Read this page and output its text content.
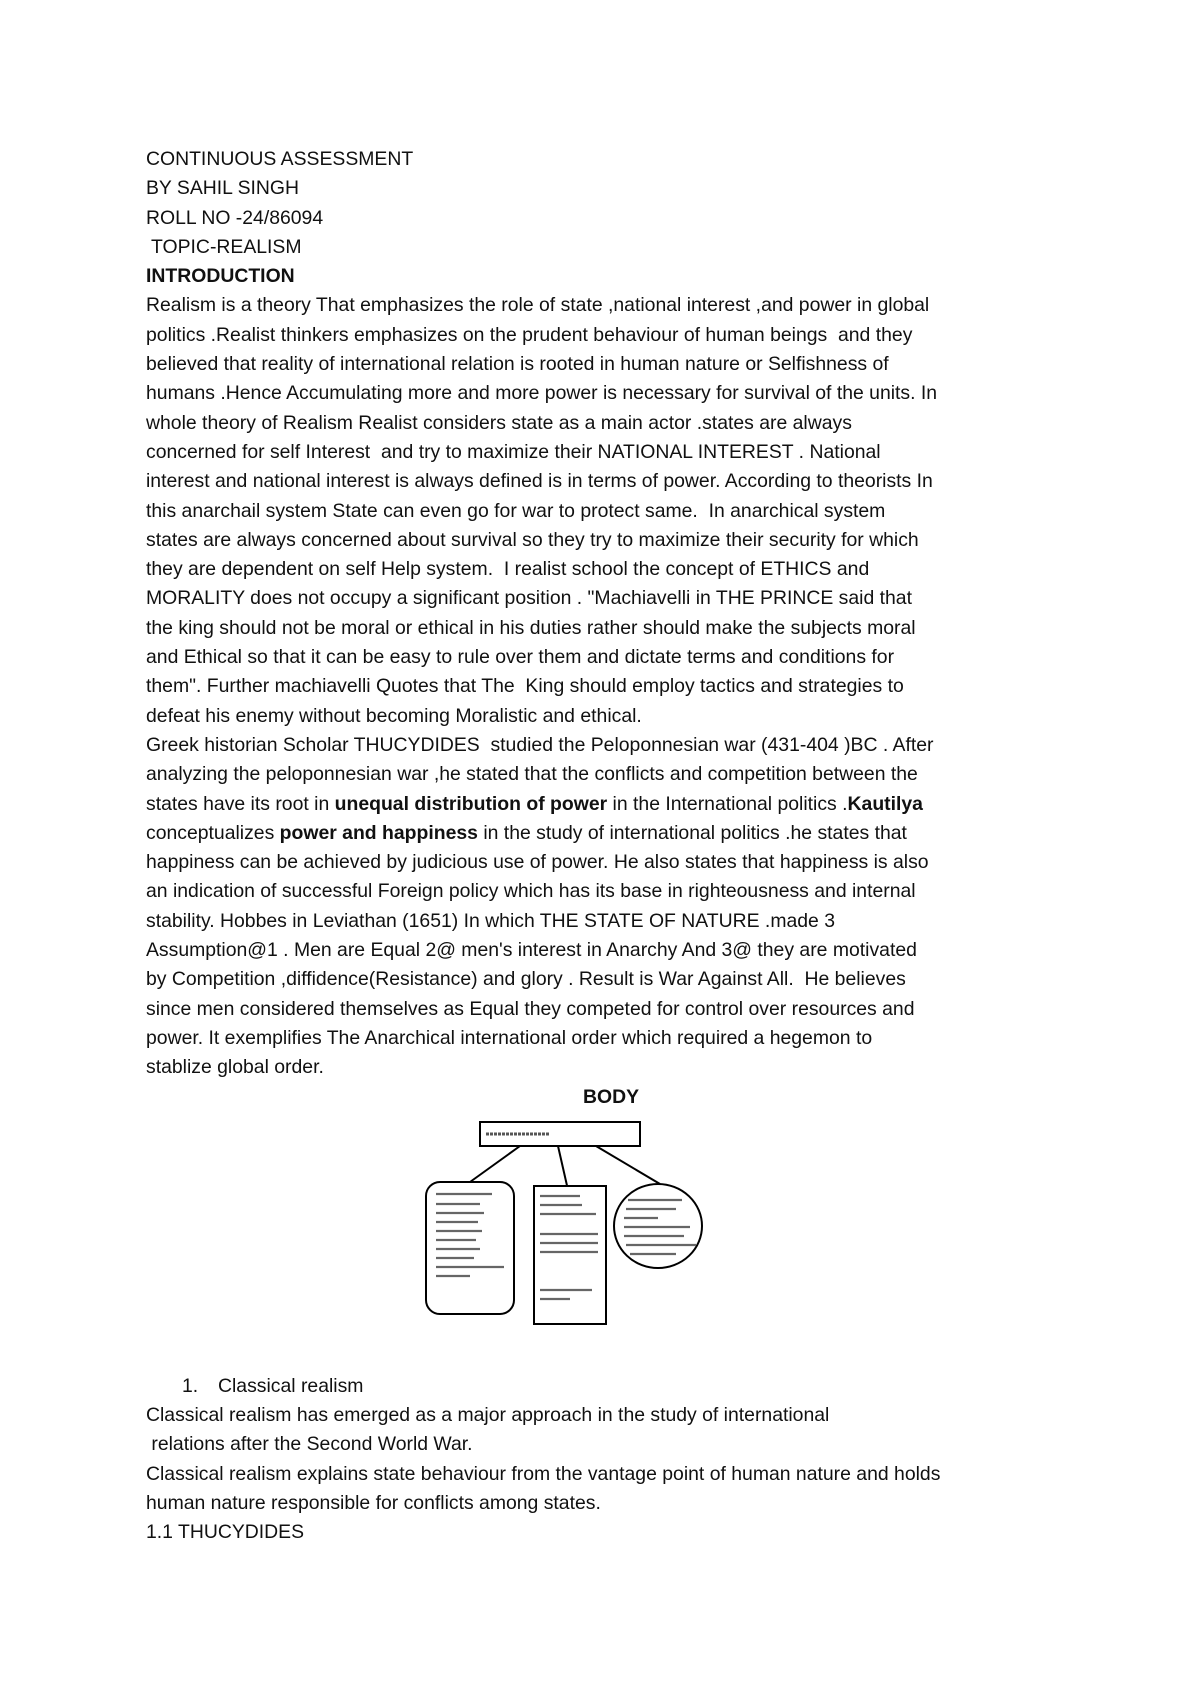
CONTINUOUS ASSESSMENT
BY SAHIL SINGH
ROLL NO -24/86094
TOPIC-REALISM
INTRODUCTION
Realism is a theory That emphasizes the role of state ,national interest ,and power in global
politics .Realist thinkers emphasizes on the prudent behaviour of human beings  and they
believed that reality of international relation is rooted in human nature or Selfishness of
humans .Hence Accumulating more and more power is necessary for survival of the units. In
whole theory of Realism Realist considers state as a main actor .states are always
concerned for self Interest  and try to maximize their NATIONAL INTEREST . National
interest and national interest is always defined is in terms of power. According to theorists In
this anarchail system State can even go for war to protect same.  In anarchical system
states are always concerned about survival so they try to maximize their security for which
they are dependent on self Help system.  I realist school the concept of ETHICS and
MORALITY does not occupy a significant position . "Machiavelli in THE PRINCE said that
the king should not be moral or ethical in his duties rather should make the subjects moral
and Ethical so that it can be easy to rule over them and dictate terms and conditions for
them". Further machiavelli Quotes that The  King should employ tactics and strategies to
defeat his enemy without becoming Moralistic and ethical.
Greek historian Scholar THUCYDIDES  studied the Peloponnesian war (431-404 )BC . After
analyzing the peloponnesian war ,he stated that the conflicts and competition between the
states have its root in unequal distribution of power in the International politics .Kautilya
conceptualizes power and happiness in the study of international politics .he states that
happiness can be achieved by judicious use of power. He also states that happiness is also
an indication of successful Foreign policy which has its base in righteousness and internal
stability. Hobbes in Leviathan (1651) In which THE STATE OF NATURE .made 3
Assumption@1 . Men are Equal 2@ men's interest in Anarchy And 3@ they are motivated
by Competition ,diffidence(Resistance) and glory . Result is War Against All.  He believes
since men considered themselves as Equal they competed for control over resources and
power. It exemplifies The Anarchical international order which required a hegemon to
stablize global order.
BODY
1. Classical realism
Classical realism has emerged as a major approach in the study of international
relations after the Second World War.
Classical realism explains state behaviour from the vantage point of human nature and holds
human nature responsible for conflicts among states.
1.1 THUCYDIDES
